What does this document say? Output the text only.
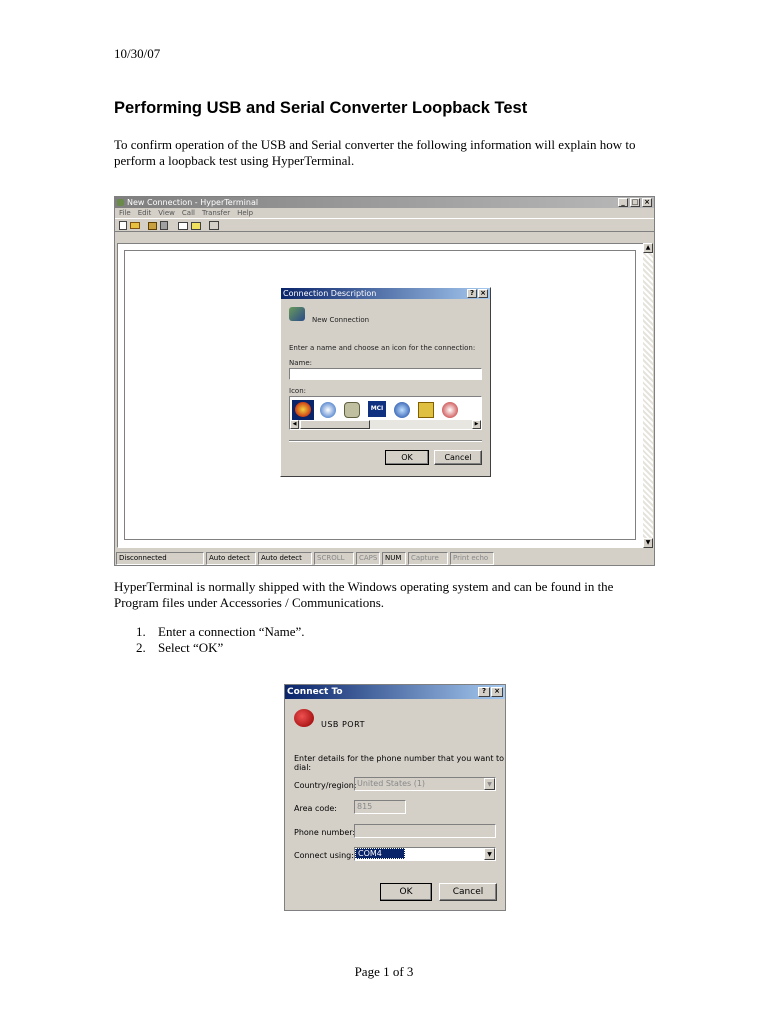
10/30/07
Performing USB and Serial Converter Loopback Test
To confirm operation of the USB and Serial converter the following information will explain how to perform a loopback test using HyperTerminal.
New Connection - HyperTerminal	_ □ ×
File Edit View Call Transfer Help
▲
▼
Disconnected	Auto detect	Auto detect	SCROLL	CAPS	NUM	Capture	Print echo
Connection Description	? ×
New Connection
Enter a name and choose an icon for the connection:
Name:
Icon:
MCI
◀	▶
OK	Cancel
HyperTerminal is normally shipped with the Windows operating system and can be found in the Program files under Accessories / Communications.
1. Enter a connection “Name”.
2. Select “OK”
Connect To	?	×
USB PORT
Enter details for the phone number that you want to dial:
Country/region: United States (1)	▼
Area code:	815
Phone number:
Connect using: COM4	▼
OK	Cancel
Page 1 of 3
